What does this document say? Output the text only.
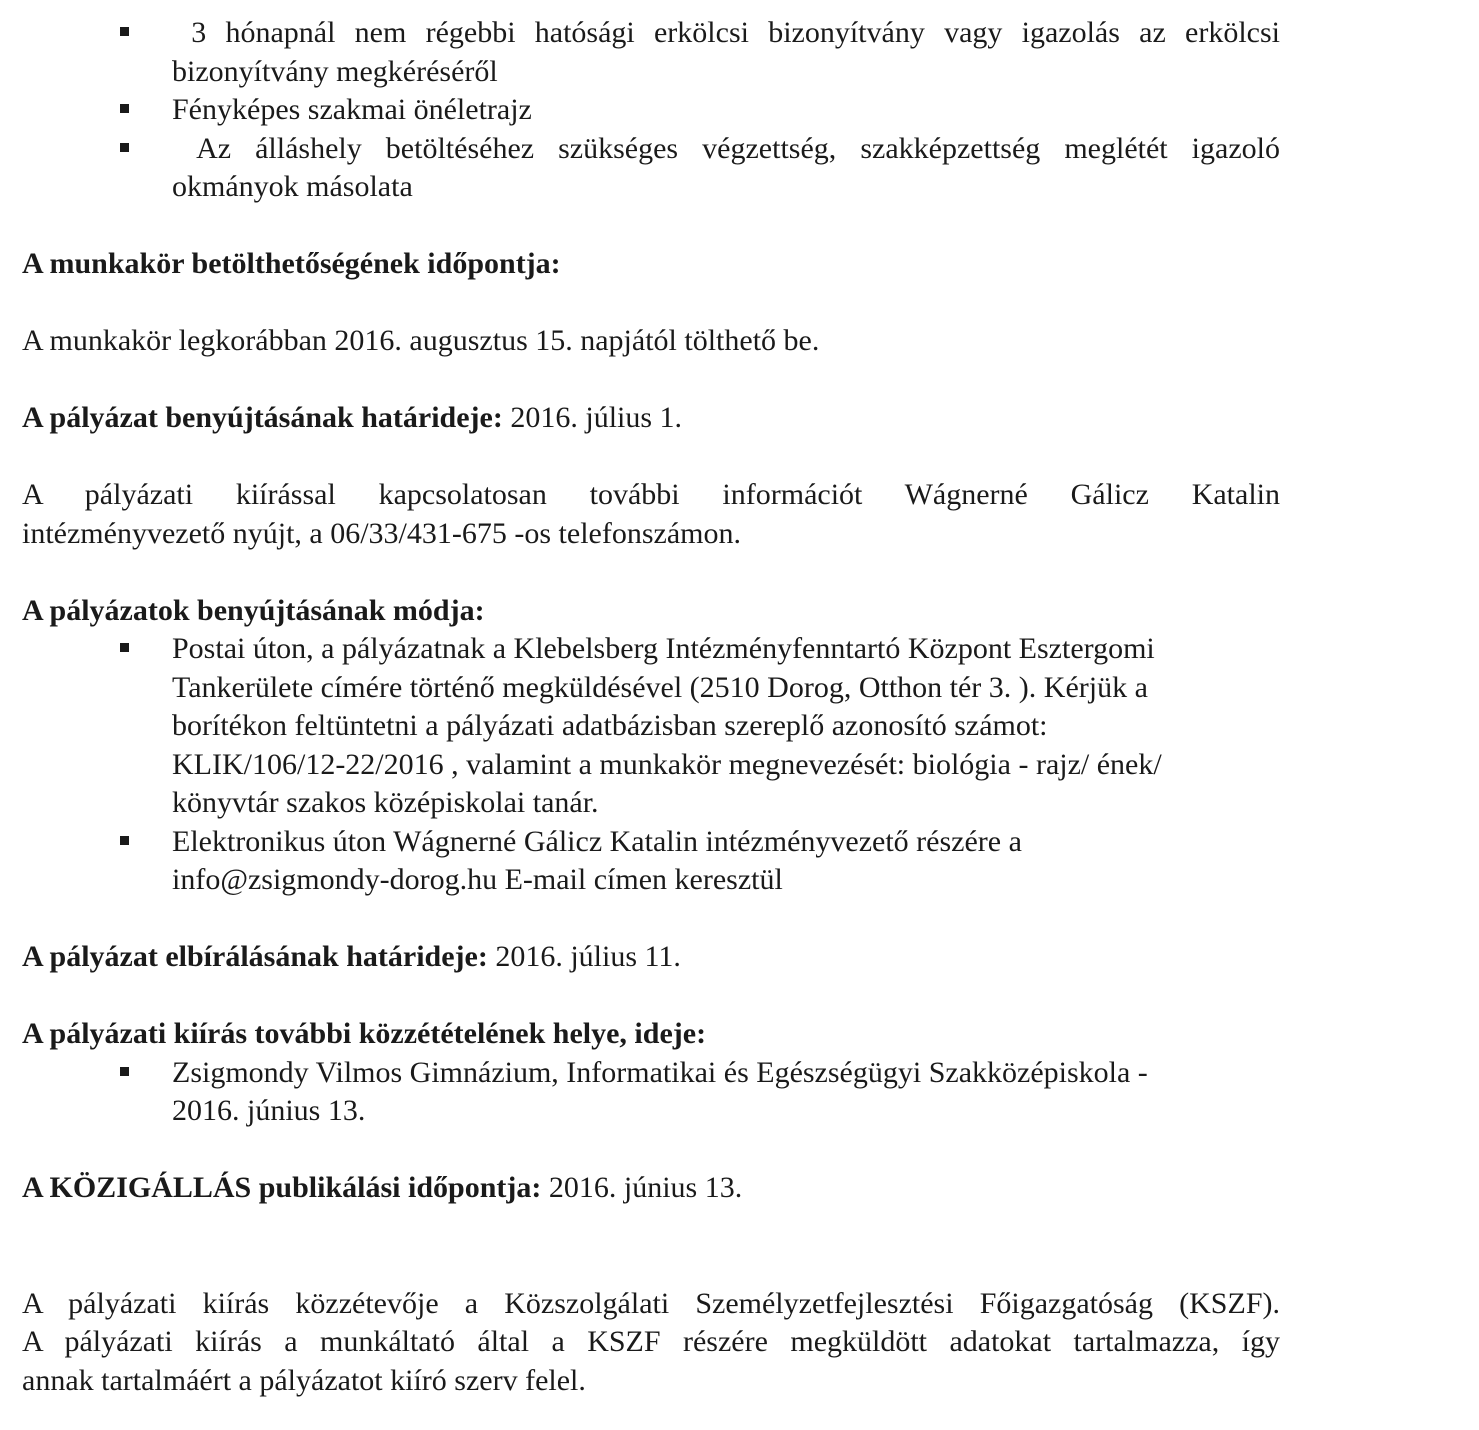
3 hónapnál nem régebbi hatósági erkölcsi bizonyítvány vagy igazolás az erkölcsi bizonyítvány megkéréséről
Fényképes szakmai önéletrajz
Az álláshely betöltéséhez szükséges végzettség, szakképzettség meglétét igazoló okmányok másolata

A munkakör betölthetőségének időpontja:

A munkakör legkorábban 2016. augusztus 15. napjától tölthető be.

A pályázat benyújtásának határideje: 2016. július 1.

A pályázati kiírással kapcsolatosan további információt Wágnerné Gálicz Katalin

intézményvezető nyújt, a 06/33/431-675 -os telefonszámon.

A pályázatok benyújtásának módja:

Postai úton, a pályázatnak a Klebelsberg Intézményfenntartó Központ Esztergomi
Tankerülete címére történő megküldésével (2510 Dorog, Otthon tér 3. ). Kérjük a
borítékon feltüntetni a pályázati adatbázisban szereplő azonosító számot:
KLIK/106/12-22/2016 , valamint a munkakör megnevezését: biológia - rajz/ ének/
könyvtár szakos középiskolai tanár.
Elektronikus úton Wágnerné Gálicz Katalin intézményvezető részére a
info@zsigmondy-dorog.hu E-mail címen keresztül

A pályázat elbírálásának határideje: 2016. július 11.

A pályázati kiírás további közzétételének helye, ideje:

Zsigmondy Vilmos Gimnázium, Informatikai és Egészségügyi Szakközépiskola -
2016. június 13.

A KÖZIGÁLLÁS publikálási időpontja: 2016. június 13.

A pályázati kiírás közzétevője a Közszolgálati Személyzetfejlesztési Főigazgatóság (KSZF).

A pályázati kiírás a munkáltató által a KSZF részére megküldött adatokat tartalmazza, így

annak tartalmáért a pályázatot kiíró szerv felel.
